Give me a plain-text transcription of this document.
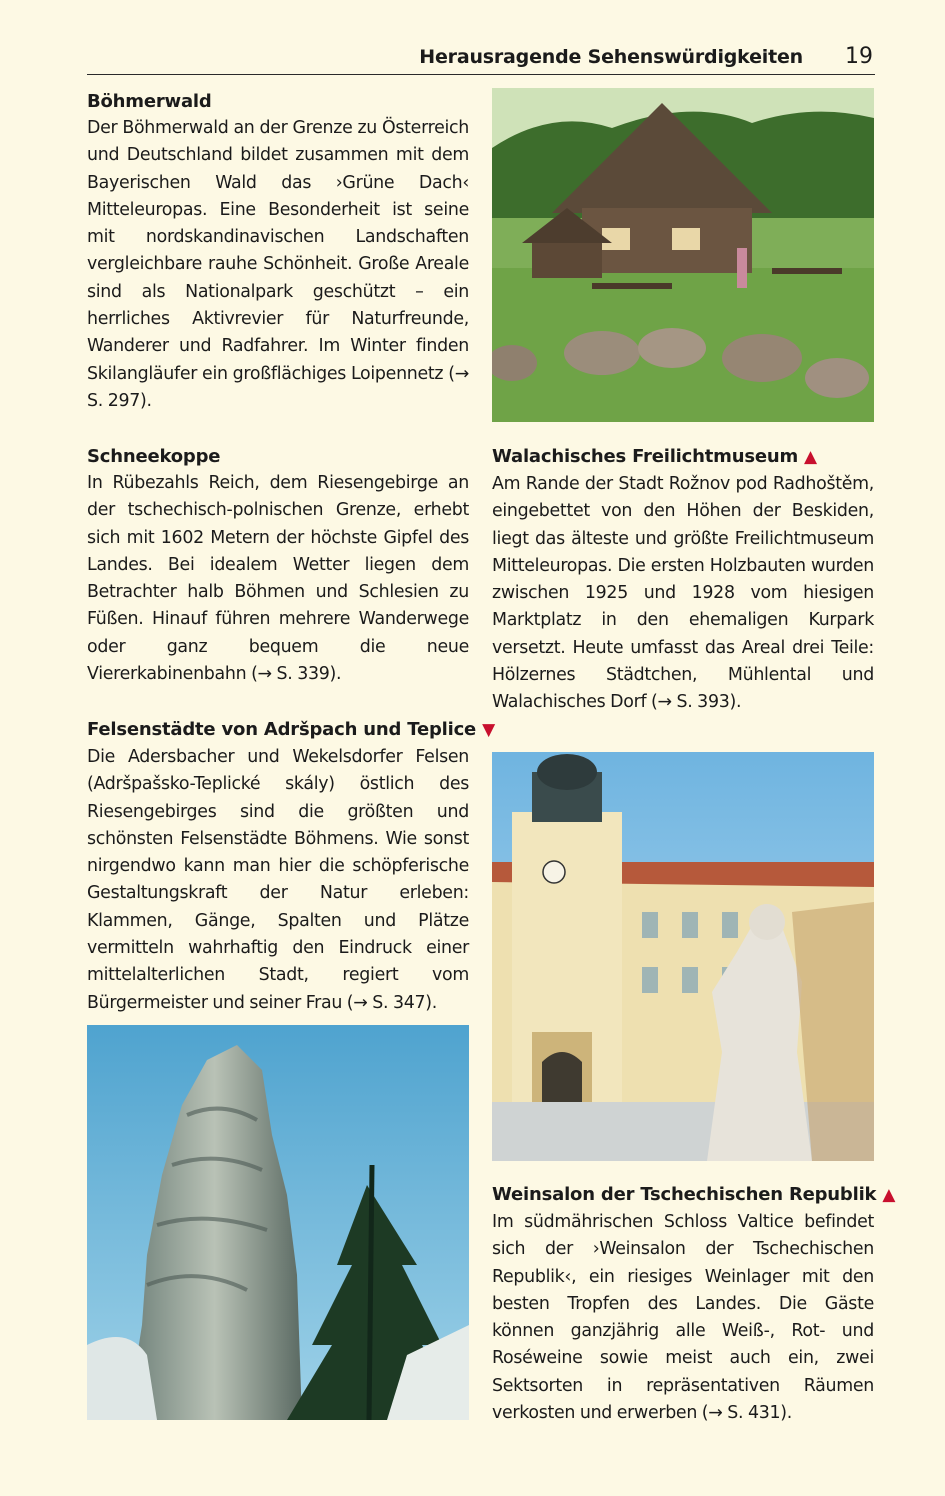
Herausragende Sehenswürdigkeiten 19
Böhmerwald

Der Böhmerwald an der Grenze zu Österreich und Deutschland bildet zusammen mit dem Bayerischen Wald das ›Grüne Dach‹ Mitteleuropas. Eine Besonderheit ist seine mit nordskandinavischen Landschaften vergleichbare rauhe Schönheit. Große Areale sind als Nationalpark geschützt – ein herrliches Aktivrevier für Naturfreunde, Wanderer und Radfahrer. Im Winter finden Skilangläufer ein großflächiges Loipennetz (→ S. 297).

Schneekoppe

In Rübezahls Reich, dem Riesengebirge an der tschechisch-polnischen Grenze, erhebt sich mit 1602 Metern der höchste Gipfel des Landes. Bei idealem Wetter liegen dem Betrachter halb Böhmen und Schlesien zu Füßen. Hinauf führen mehrere Wanderwege oder ganz bequem die neue Viererkabinenbahn (→ S. 339).

Felsenstädte von Adršpach und Teplice ▼

Die Adersbacher und Wekelsdorfer Felsen (Adršpašsko-Teplické skály) östlich des Riesengebirges sind die größten und schönsten Felsenstädte Böhmens. Wie sonst nirgendwo kann man hier die schöpferische Gestaltungskraft der Natur erleben: Klammen, Gänge, Spalten und Plätze vermitteln wahrhaftig den Eindruck einer mittelalterlichen Stadt, regiert vom Bürgermeister und seiner Frau (→ S. 347).

Walachisches Freilichtmuseum ▲

Am Rande der Stadt Rožnov pod Radhoštěm, eingebettet von den Höhen der Beskiden, liegt das älteste und größte Freilichtmuseum Mitteleuropas. Die ersten Holzbauten wurden zwischen 1925 und 1928 vom hiesigen Marktplatz in den ehemaligen Kurpark versetzt. Heute umfasst das Areal drei Teile: Hölzernes Städtchen, Mühlental und Walachisches Dorf (→ S. 393).

Weinsalon der Tschechischen Republik ▲

Im südmährischen Schloss Valtice befindet sich der ›Weinsalon der Tschechischen Republik‹, ein riesiges Weinlager mit den besten Tropfen des Landes. Die Gäste können ganzjährig alle Weiß-, Rot- und Roséweine sowie meist auch ein, zwei Sektsorten in repräsentativen Räumen verkosten und erwerben (→ S. 431).
